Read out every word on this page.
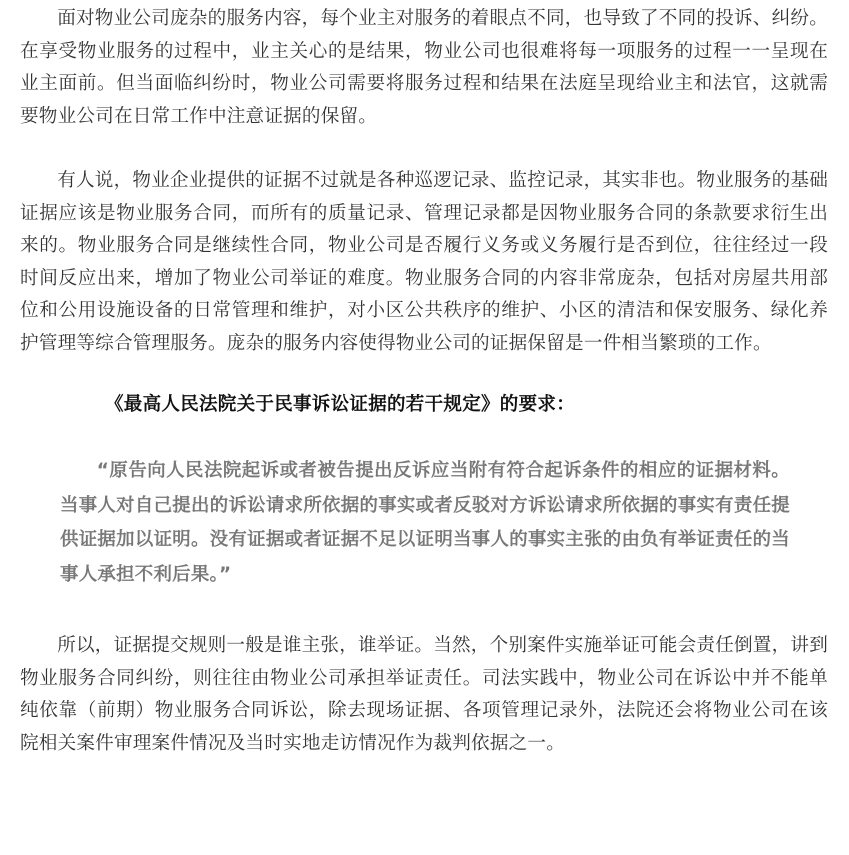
面对物业公司庞杂的服务内容，每个业主对服务的着眼点不同，也导致了不同的投诉、纠纷。在享受物业服务的过程中，业主关心的是结果，物业公司也很难将每一项服务的过程一一呈现在业主面前。但当面临纠纷时，物业公司需要将服务过程和结果在法庭呈现给业主和法官，这就需要物业公司在日常工作中注意证据的保留。

有人说，物业企业提供的证据不过就是各种巡逻记录、监控记录，其实非也。物业服务的基础证据应该是物业服务合同，而所有的质量记录、管理记录都是因物业服务合同的条款要求衍生出来的。物业服务合同是继续性合同，物业公司是否履行义务或义务履行是否到位，往往经过一段时间反应出来，增加了物业公司举证的难度。物业服务合同的内容非常庞杂，包括对房屋共用部位和公用设施设备的日常管理和维护，对小区公共秩序的维护、小区的清洁和保安服务、绿化养护管理等综合管理服务。庞杂的服务内容使得物业公司的证据保留是一件相当繁琐的工作。

《最高人民法院关于民事诉讼证据的若干规定》的要求：

“原告向人民法院起诉或者被告提出反诉应当附有符合起诉条件的相应的证据材料。当事人对自己提出的诉讼请求所依据的事实或者反驳对方诉讼请求所依据的事实有责任提供证据加以证明。没有证据或者证据不足以证明当事人的事实主张的由负有举证责任的当事人承担不利后果。”

所以，证据提交规则一般是谁主张，谁举证。当然，个别案件实施举证可能会责任倒置，讲到物业服务合同纠纷，则往往由物业公司承担举证责任。司法实践中，物业公司在诉讼中并不能单纯依靠（前期）物业服务合同诉讼，除去现场证据、各项管理记录外，法院还会将物业公司在该院相关案件审理案件情况及当时实地走访情况作为裁判依据之一。
